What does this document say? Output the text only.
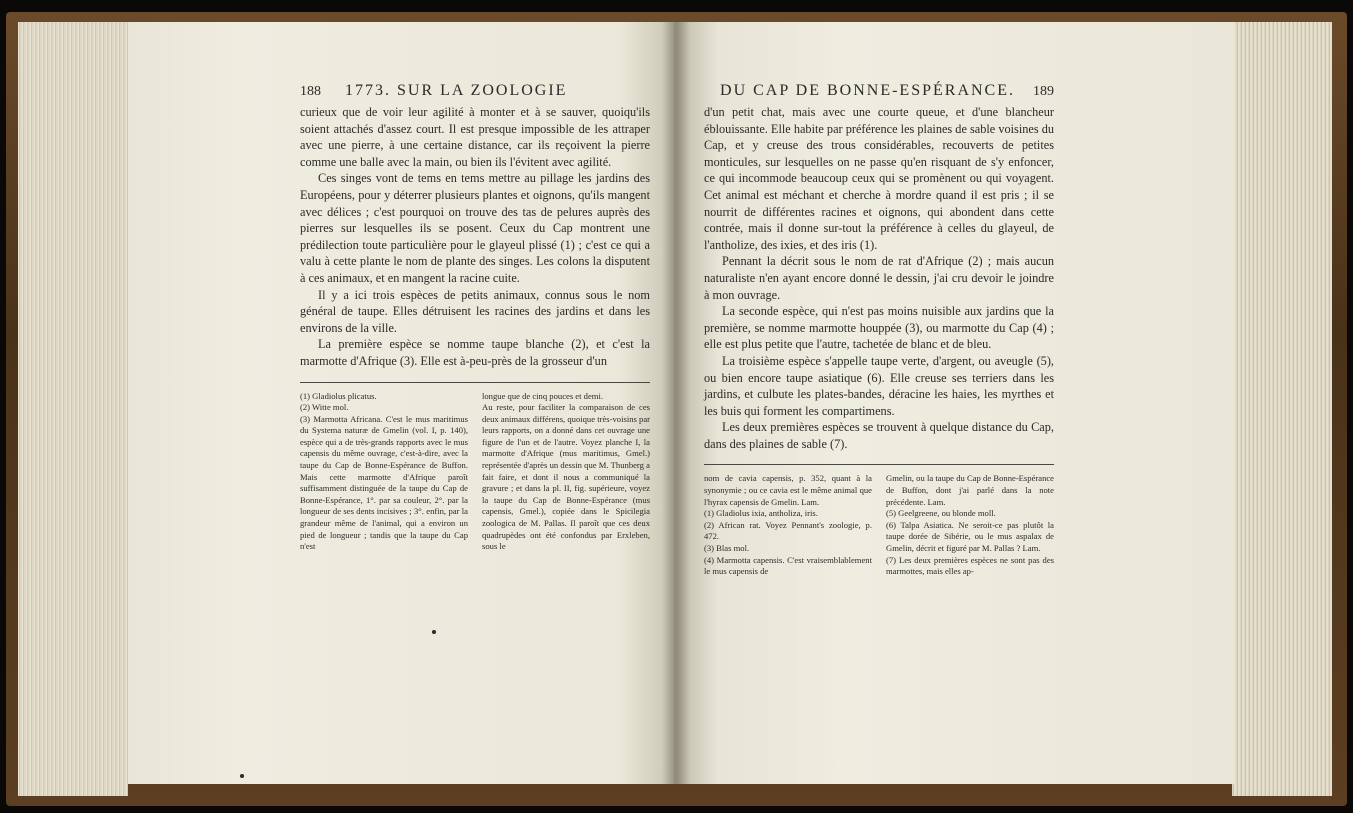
188 1773. SUR LA ZOOLOGIE

curieux que de voir leur agilité à monter et à se sauver, quoiqu'ils soient attachés d'assez court. Il est presque impossible de les attraper avec une pierre, à une certaine distance, car ils reçoivent la pierre comme une balle avec la main, ou bien ils l'évitent avec agilité.

Ces singes vont de tems en tems mettre au pillage les jardins des Européens, pour y déterrer plusieurs plantes et oignons, qu'ils mangent avec délices ; c'est pourquoi on trouve des tas de pelures auprès des pierres sur lesquelles ils se posent. Ceux du Cap montrent une prédilection toute particulière pour le glayeul plissé (1) ; c'est ce qui a valu à cette plante le nom de plante des singes. Les colons la disputent à ces animaux, et en mangent la racine cuite.

Il y a ici trois espèces de petits animaux, connus sous le nom général de taupe. Elles détruisent les racines des jardins et dans les environs de la ville.

La première espèce se nomme taupe blanche (2), et c'est la marmotte d'Afrique (3). Elle est à-peu-près de la grosseur d'un

(1) Gladiolus plicatus.

(2) Witte mol.

(3) Marmotta Africana. C'est le mus maritimus du Systema naturæ de Gmelin (vol. I, p. 140), espèce qui a de très-grands rapports avec le mus capensis du même ouvrage, c'est-à-dire, avec la taupe du Cap de Bonne-Espérance de Buffon. Mais cette marmotte d'Afrique paroît suffisamment distinguée de la taupe du Cap de Bonne-Espérance, 1°. par sa couleur, 2°. par la longueur de ses dents incisives ; 3°. enfin, par la grandeur même de l'animal, qui a environ un pied de longueur ; tandis que la taupe du Cap n'est

longue que de cinq pouces et demi.

Au reste, pour faciliter la comparaison de ces deux animaux différens, quoique très-voisins par leurs rapports, on a donné dans cet ouvrage une figure de l'un et de l'autre. Voyez planche I, la marmotte d'Afrique (mus maritimus, Gmel.) représentée d'après un dessin que M. Thunberg a fait faire, et dont il nous a communiqué la gravure ; et dans la pl. II, fig. supérieure, voyez la taupe du Cap de Bonne-Espérance (mus capensis, Gmel.), copiée dans le Spicilegia zoologica de M. Pallas. Il paroît que ces deux quadrupèdes ont été confondus par Erxleben, sous le

DU CAP DE BONNE-ESPÉRANCE. 189

d'un petit chat, mais avec une courte queue, et d'une blancheur éblouissante. Elle habite par préférence les plaines de sable voisines du Cap, et y creuse des trous considérables, recouverts de petites monticules, sur lesquelles on ne passe qu'en risquant de s'y enfoncer, ce qui incommode beaucoup ceux qui se promènent ou qui voyagent. Cet animal est méchant et cherche à mordre quand il est pris ; il se nourrit de différentes racines et oignons, qui abondent dans cette contrée, mais il donne sur-tout la préférence à celles du glayeul, de l'antholize, des ixies, et des iris (1).

Pennant la décrit sous le nom de rat d'Afrique (2) ; mais aucun naturaliste n'en ayant encore donné le dessin, j'ai cru devoir le joindre à mon ouvrage.

La seconde espèce, qui n'est pas moins nuisible aux jardins que la première, se nomme marmotte houppée (3), ou marmotte du Cap (4) ; elle est plus petite que l'autre, tachetée de blanc et de bleu.

La troisième espèce s'appelle taupe verte, d'argent, ou aveugle (5), ou bien encore taupe asiatique (6). Elle creuse ses terriers dans les jardins, et culbute les plates-bandes, déracine les haies, les myrthes et les buis qui forment les compartimens.

Les deux premières espèces se trouvent à quelque distance du Cap, dans des plaines de sable (7).

nom de cavia capensis, p. 352, quant à la synonymie ; ou ce cavia est le même animal que l'hyrax capensis de Gmelin. Lam.

(1) Gladiolus ixia, antholiza, iris.

(2) African rat. Voyez Pennant's zoologie, p. 472.

(3) Blas mol.

(4) Marmotta capensis. C'est vraisemblablement le mus capensis de

Gmelin, ou la taupe du Cap de Bonne-Espérance de Buffon, dont j'ai parlé dans la note précédente. Lam.

(5) Geelgreene, ou blonde moll.

(6) Talpa Asiatica. Ne seroit-ce pas plutôt la taupe dorée de Sibérie, ou le mus aspalax de Gmelin, décrit et figuré par M. Pallas ? Lam.

(7) Les deux premières espèces ne sont pas des marmottes, mais elles ap-
